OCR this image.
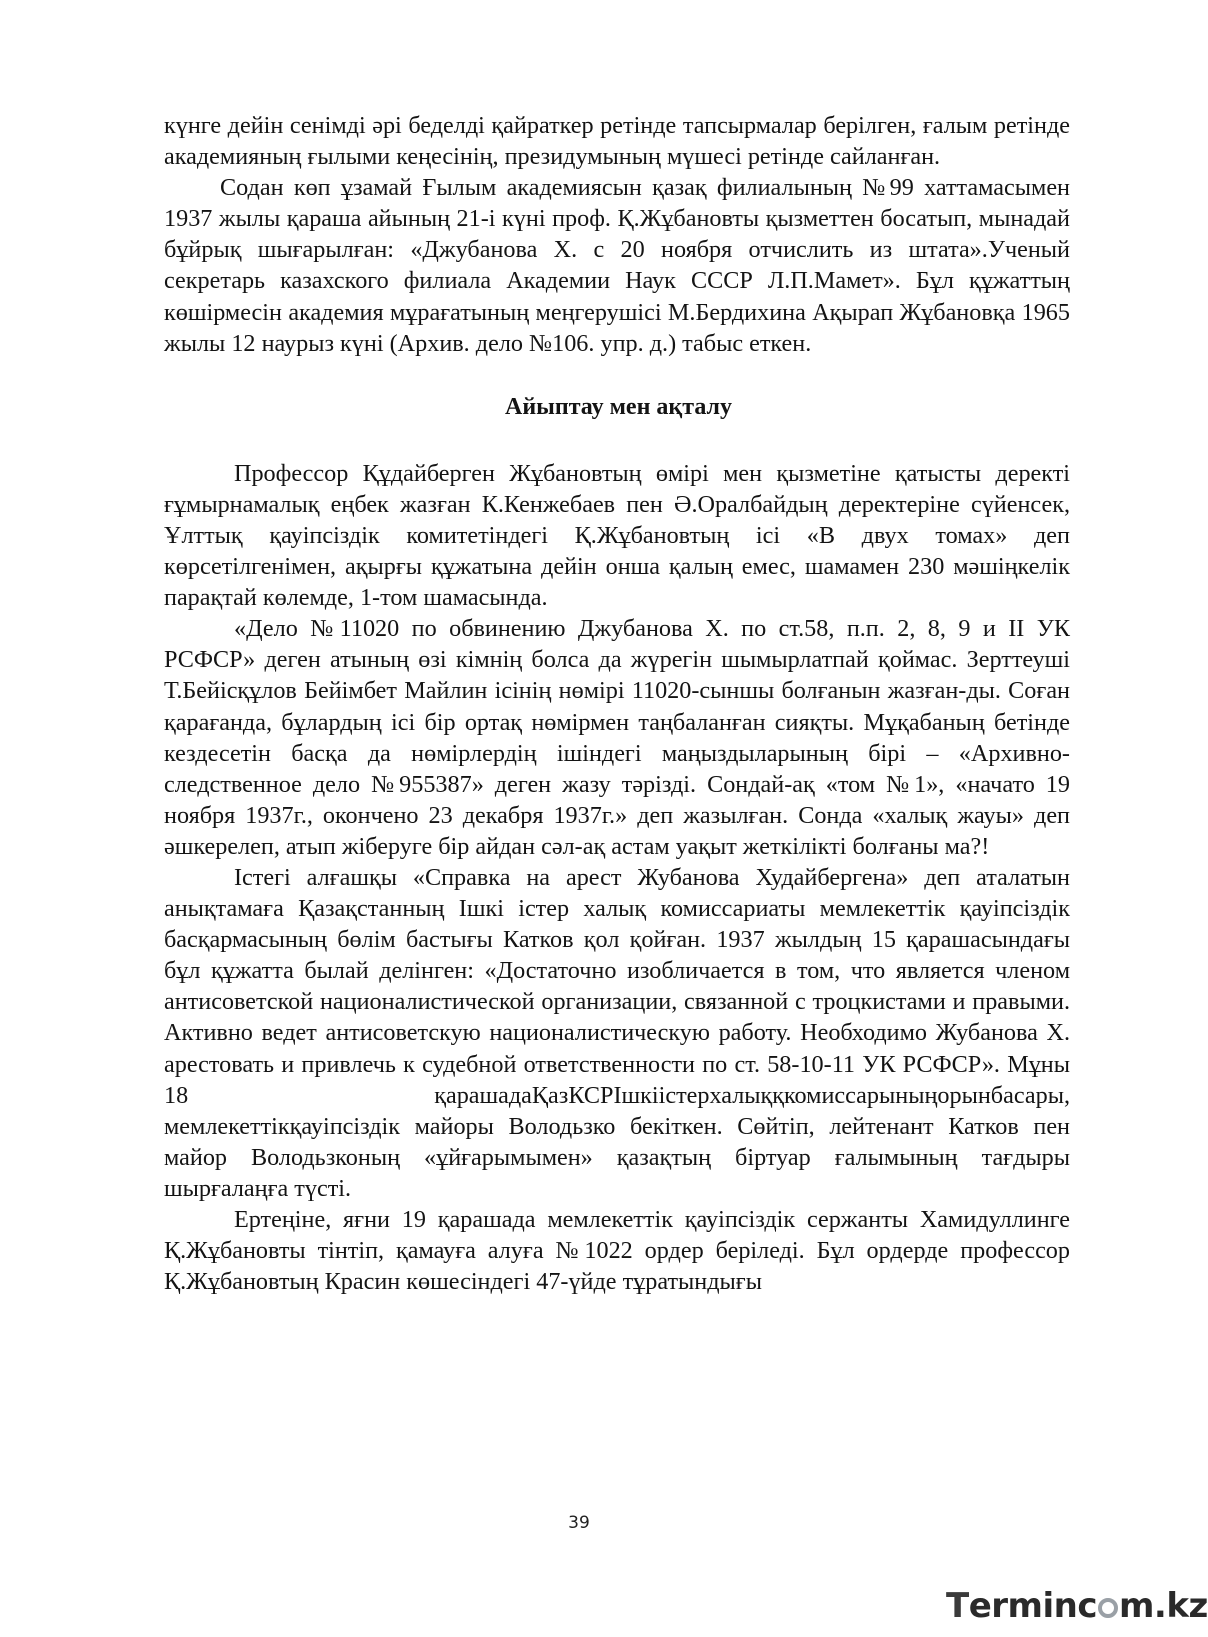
күнге дейін сенімді әрі беделді қайраткер ретінде тапсырмалар берілген, ғалым ретінде академияның ғылыми кеңесінің, президумының мүшесі ретінде сайланған.

Содан көп ұзамай Ғылым академиясын қазақ филиалының №99 хаттамасымен 1937 жылы қараша айының 21-і күні проф. Қ.Жұбановты қызметтен босатып, мынадай бұйрық шығарылған: «Джубанова Х. с 20 ноября отчислить из штата».Ученый секретарь казахского филиала Академии Наук СССР Л.П.Мамет». Бұл құжаттың көшірмесін академия мұрағатының меңгерушісі М.Бердихина Ақырап Жұбановқа 1965 жылы 12 наурыз күні (Архив. дело №106. упр. д.) табыс еткен.

Айыптау мен ақталу

Профессор Құдайберген Жұбановтың өмірі мен қызметіне қатысты деректі ғұмырнамалық еңбек жазған К.Кенжебаев пен Ә.Оралбайдың деректеріне сүйенсек, Ұлттық қауіпсіздік комитетіндегі Қ.Жұбановтың ісі «В двух томах» деп көрсетілгенімен, ақырғы құжатына дейін онша қалың емес, шамамен 230 мәшіңкелік парақтай көлемде, 1-том шамасында.

«Дело №11020 по обвинению Джубанова Х. по ст.58, п.п. 2, 8, 9 и II УК РСФСР» деген атының өзі кімнің болса да жүрегін шымырлатпай қоймас. Зерттеуші Т.Бейісқұлов Бейімбет Майлин ісінің нөмірі 11020-сыншы болғанын жазған-ды. Соған қарағанда, бұлардың ісі бір ортақ нөмірмен таңбаланған сияқты. Мұқабаның бетінде кездесетін басқа да нөмірлердің ішіндегі маңыздыларының бірі – «Архивно-следственное дело №955387» деген жазу тәрізді. Сондай-ақ «том №1», «начато 19 ноября 1937г., окончено 23 декабря 1937г.» деп жазылған. Сонда «халық жауы» деп әшкерелеп, атып жіберуге бір айдан сәл-ақ астам уақыт жеткілікті болғаны ма?!

Істегі алғашқы «Справка на арест Жубанова Худайбергена» деп аталатын анықтамаға Қазақстанның Ішкі істер халық комиссариаты мемлекеттік қауіпсіздік басқармасының бөлім бастығы Катков қол қойған. 1937 жылдың 15 қарашасындағы бұл құжатта былай делінген: «Достаточно изобличается в том, что является членом антисоветской националистической организации, связанной с троцкистами и правыми. Активно ведет антисоветскую националистическую работу. Необходимо Жубанова Х. арестовать и привлечь к судебной ответственности по ст. 58-10-11 УК РСФСР». Мұны 18 қарашадаҚазКСРІшкіістерхалыққкомиссарыныңорынбасары, мемлекеттікқауіпсіздік майоры Володьзко бекіткен. Сөйтіп, лейтенант Катков пен майор Володьзконың «ұйғарымымен» қазақтың біртуар ғалымының тағдыры шырғалаңға түсті.

Ертеңіне, яғни 19 қарашада мемлекеттік қауіпсіздік сержанты Хамидуллинге Қ.Жұбановты тінтіп, қамауға алуға №1022 ордер беріледі. Бұл ордерде профессор Қ.Жұбановтың Красин көшесіндегі 47-үйде тұратындығы

39
Terminc m.kz
